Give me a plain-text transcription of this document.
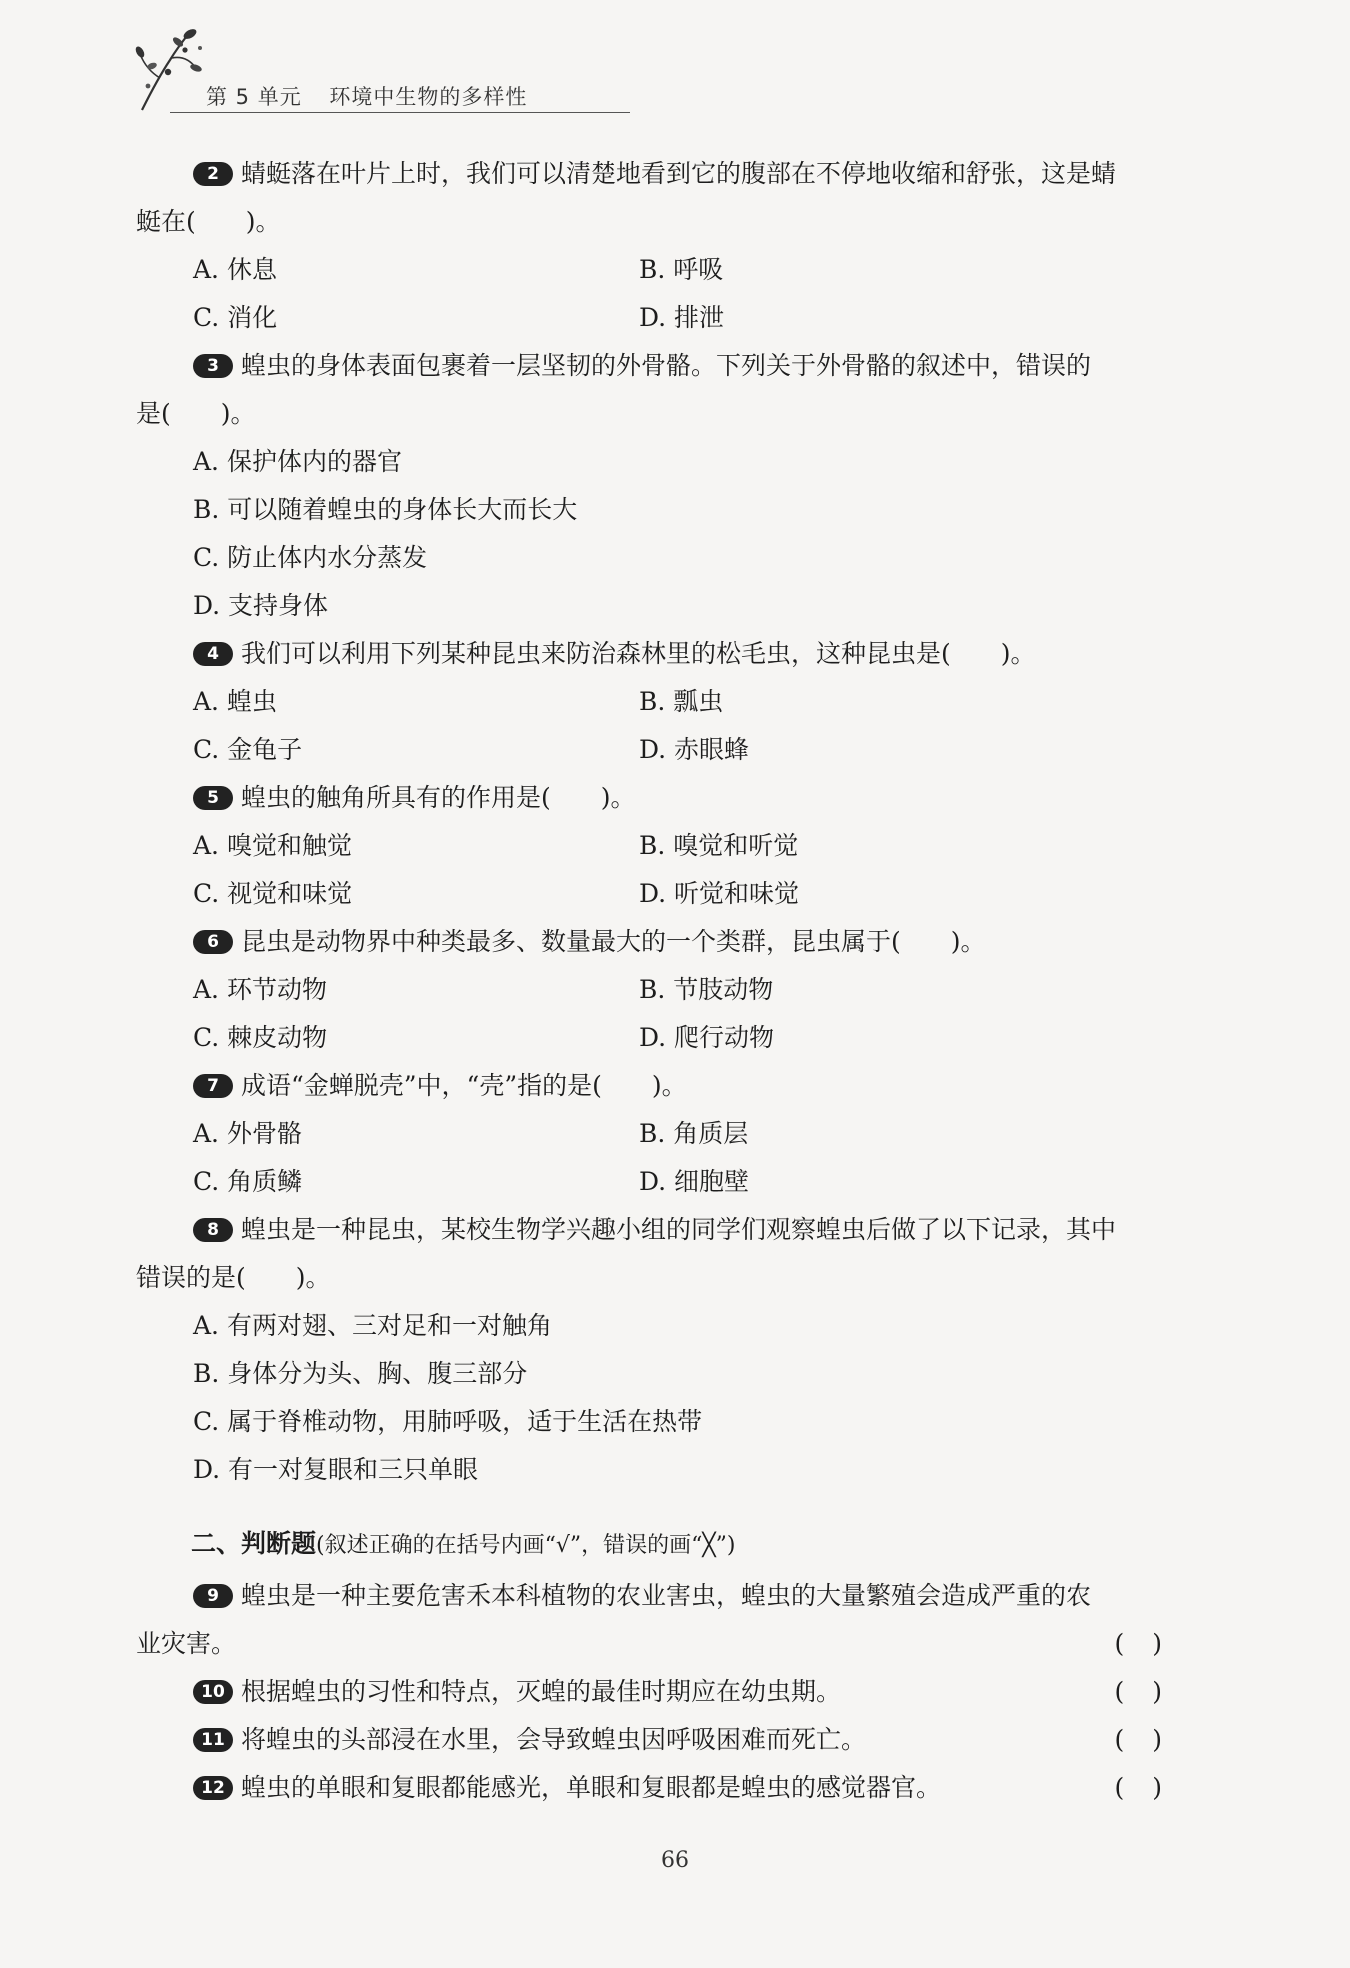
第 5 单元 环境中生物的多样性
2 蜻蜓落在叶片上时，我们可以清楚地看到它的腹部在不停地收缩和舒张，这是蜻
蜓在(　　)。
A. 休息	B. 呼吸
C. 消化	D. 排泄
3 蝗虫的身体表面包裹着一层坚韧的外骨骼。下列关于外骨骼的叙述中，错误的
是(　　)。
A. 保护体内的器官
B. 可以随着蝗虫的身体长大而长大
C. 防止体内水分蒸发
D. 支持身体
4 我们可以利用下列某种昆虫来防治森林里的松毛虫，这种昆虫是(　　)。
A. 蝗虫	B. 瓢虫
C. 金龟子	D. 赤眼蜂
5 蝗虫的触角所具有的作用是(　　)。
A. 嗅觉和触觉	B. 嗅觉和听觉
C. 视觉和味觉	D. 听觉和味觉
6 昆虫是动物界中种类最多、数量最大的一个类群，昆虫属于(　　)。
A. 环节动物	B. 节肢动物
C. 棘皮动物	D. 爬行动物
7 成语“金蝉脱壳”中，“壳”指的是(　　)。
A. 外骨骼	B. 角质层
C. 角质鳞	D. 细胞壁
8 蝗虫是一种昆虫，某校生物学兴趣小组的同学们观察蝗虫后做了以下记录，其中
错误的是(　　)。
A. 有两对翅、三对足和一对触角
B. 身体分为头、胸、腹三部分
C. 属于脊椎动物，用肺呼吸，适于生活在热带
D. 有一对复眼和三只单眼
二、判断题(叙述正确的在括号内画“√”，错误的画“╳”)
9 蝗虫是一种主要危害禾本科植物的农业害虫，蝗虫的大量繁殖会造成严重的农
业灾害。	()
10 根据蝗虫的习性和特点，灭蝗的最佳时期应在幼虫期。	()
11 将蝗虫的头部浸在水里，会导致蝗虫因呼吸困难而死亡。	()
12 蝗虫的单眼和复眼都能感光，单眼和复眼都是蝗虫的感觉器官。	()
66
